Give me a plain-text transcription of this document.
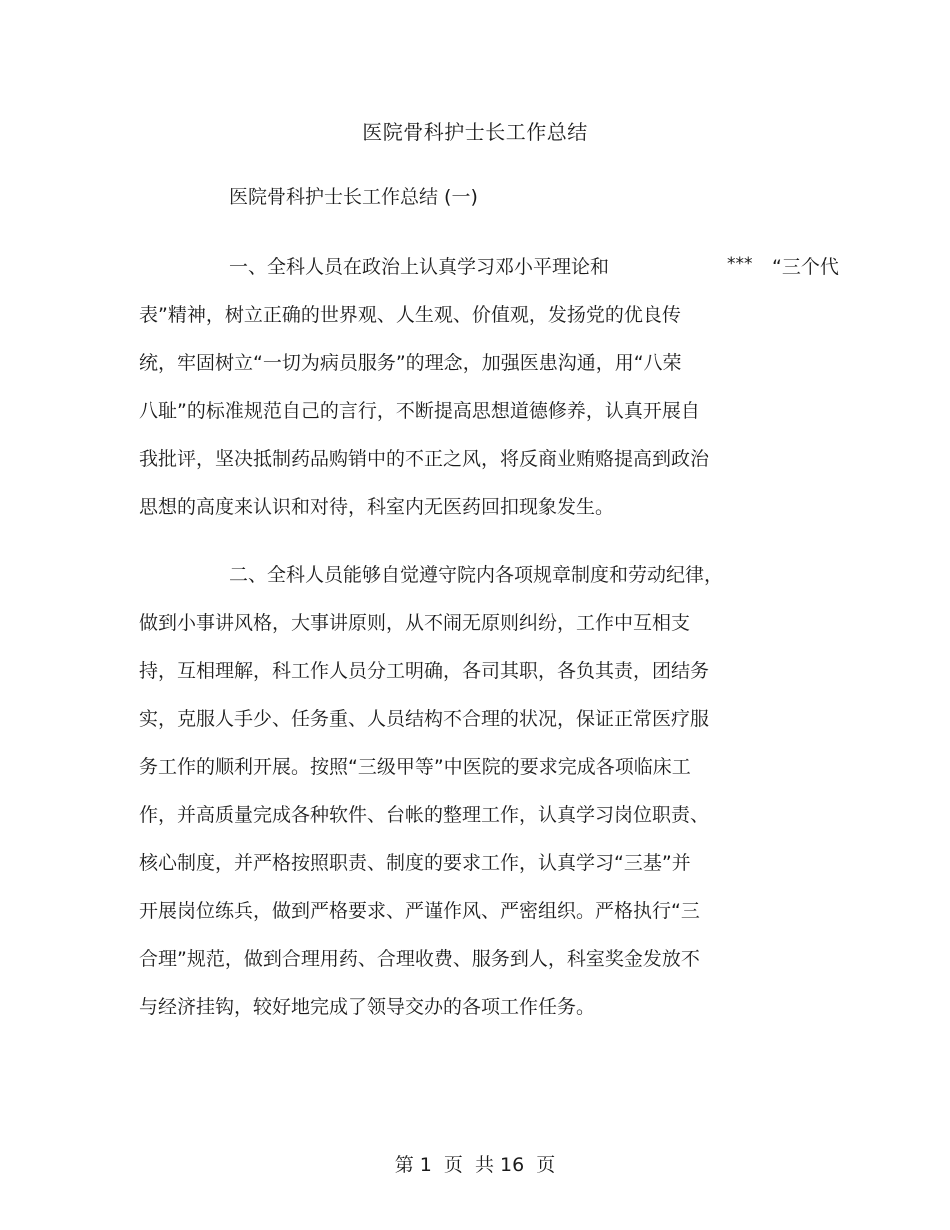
医院骨科护士长工作总结
医院骨科护士长工作总结 (一)

一、全科人员在政治上认真学习邓小平理论和	*** “三个代

表”精神，树立正确的世界观、人生观、价值观，发扬党的优良传

统，牢固树立“一切为病员服务”的理念，加强医患沟通，用“八荣

八耻”的标准规范自己的言行，不断提高思想道德修养，认真开展自

我批评，坚决抵制药品购销中的不正之风，将反商业贿赂提高到政治

思想的高度来认识和对待，科室内无医药回扣现象发生。

二、全科人员能够自觉遵守院内各项规章制度和劳动纪律，

做到小事讲风格，大事讲原则，从不闹无原则纠纷，工作中互相支

持，互相理解，科工作人员分工明确，各司其职，各负其责，团结务

实，克服人手少、任务重、人员结构不合理的状况，保证正常医疗服

务工作的顺利开展。按照“三级甲等”中医院的要求完成各项临床工

作，并高质量完成各种软件、台帐的整理工作，认真学习岗位职责、

核心制度，并严格按照职责、制度的要求工作，认真学习“三基”并

开展岗位练兵，做到严格要求、严谨作风、严密组织。严格执行“三

合理”规范，做到合理用药、合理收费、服务到人，科室奖金发放不

与经济挂钩，较好地完成了领导交办的各项工作任务。

第 1  页  共 16  页
